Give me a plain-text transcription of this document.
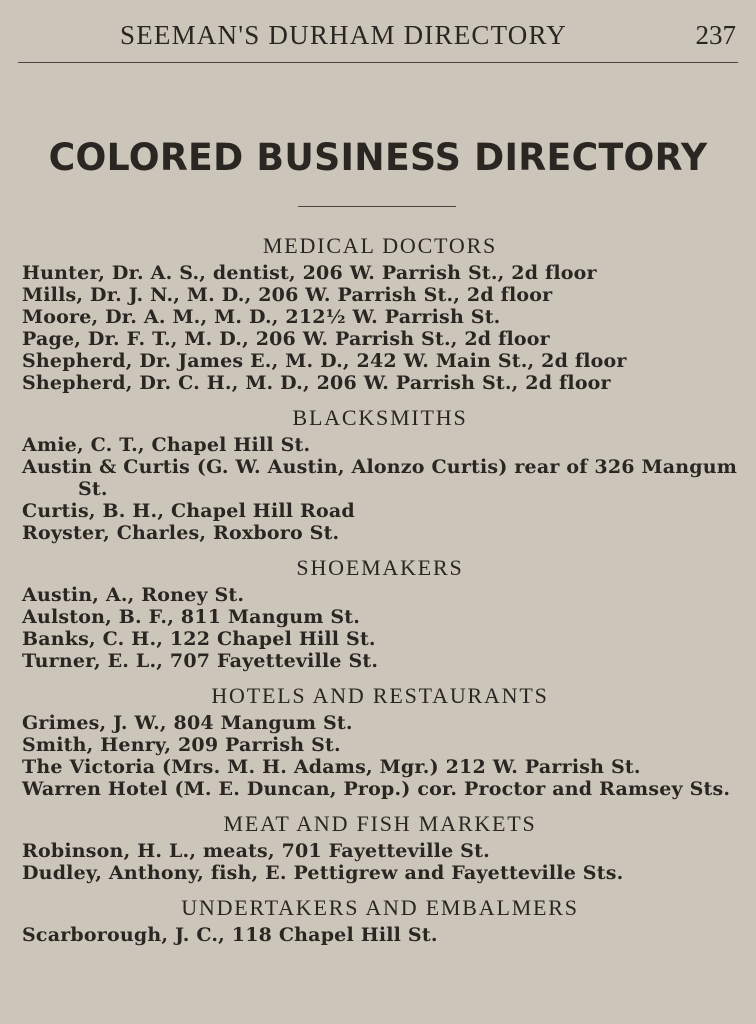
SEEMAN'S DURHAM DIRECTORY	237
COLORED BUSINESS DIRECTORY
MEDICAL DOCTORS
Hunter, Dr. A. S., dentist, 206 W. Parrish St., 2d floor
Mills, Dr. J. N., M. D., 206 W. Parrish St., 2d floor
Moore, Dr. A. M., M. D., 212½ W. Parrish St.
Page, Dr. F. T., M. D., 206 W. Parrish St., 2d floor
Shepherd, Dr. James E., M. D., 242 W. Main St., 2d floor
Shepherd, Dr. C. H., M. D., 206 W. Parrish St., 2d floor
BLACKSMITHS
Amie, C. T., Chapel Hill St.
Austin & Curtis (G. W. Austin, Alonzo Curtis) rear of 326 Mangum St.
Curtis, B. H., Chapel Hill Road
Royster, Charles, Roxboro St.
SHOEMAKERS
Austin, A., Roney St.
Aulston, B. F., 811 Mangum St.
Banks, C. H., 122 Chapel Hill St.
Turner, E. L., 707 Fayetteville St.
HOTELS AND RESTAURANTS
Grimes, J. W., 804 Mangum St.
Smith, Henry, 209 Parrish St.
The Victoria (Mrs. M. H. Adams, Mgr.) 212 W. Parrish St.
Warren Hotel (M. E. Duncan, Prop.) cor. Proctor and Ramsey Sts.
MEAT AND FISH MARKETS
Robinson, H. L., meats, 701 Fayetteville St.
Dudley, Anthony, fish, E. Pettigrew and Fayetteville Sts.
UNDERTAKERS AND EMBALMERS
Scarborough, J. C., 118 Chapel Hill St.
